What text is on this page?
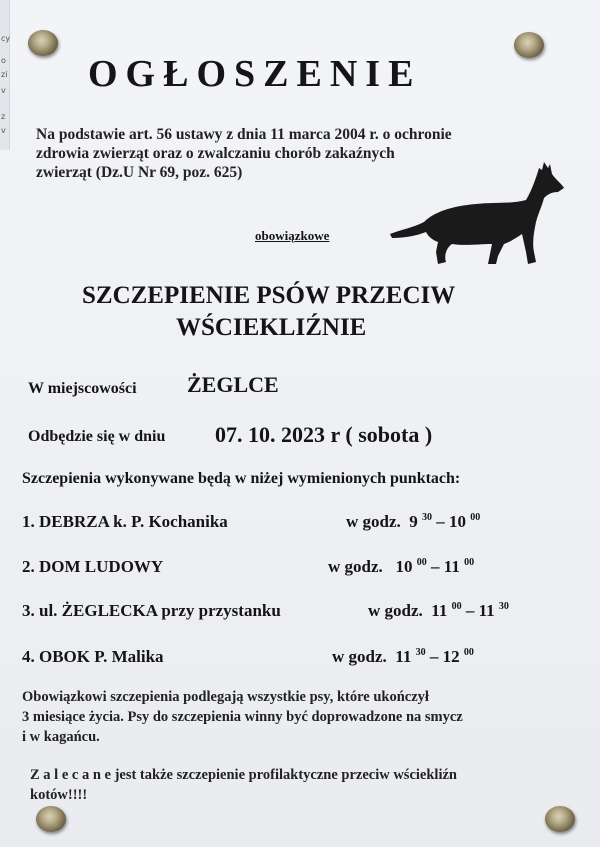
cy
o
zi
v
z
v
OGŁOSZENIE
Na podstawie art. 56 ustawy z dnia 11 marca 2004 r. o ochronie
zdrowia zwierząt oraz o zwalczaniu chorób zakaźnych
zwierząt (Dz.U Nr 69, poz. 625)
obowiązkowe
SZCZEPIENIE PSÓW PRZECIW
WŚCIEKLIŹNIE
W miejscowości ŻEGLCE
Odbędzie się w dniu 07. 10. 2023 r ( sobota )
Szczepienia wykonywane będą w niżej wymienionych punktach:
1. DEBRZA k. P. Kochanika	w godz. 9 $^{30}$ – 10 $^{00}$
2. DOM LUDOWY	w godz. 10 $^{00}$ – 11 $^{00}$
3. ul. ŻEGLECKA przy przystanku	w godz. 11 $^{00}$ – 11 $^{30}$
4. OBOK P. Malika	w godz. 11 $^{30}$ – 12 $^{00}$
Obowiązkowi szczepienia podlegają wszystkie psy, które ukończył
3 miesiące życia. Psy do szczepienia winny być doprowadzone na smycz
i w kagańcu.
Z a l e c a n e jest także szczepienie profilaktyczne przeciw wściekliźn
kotów!!!!
